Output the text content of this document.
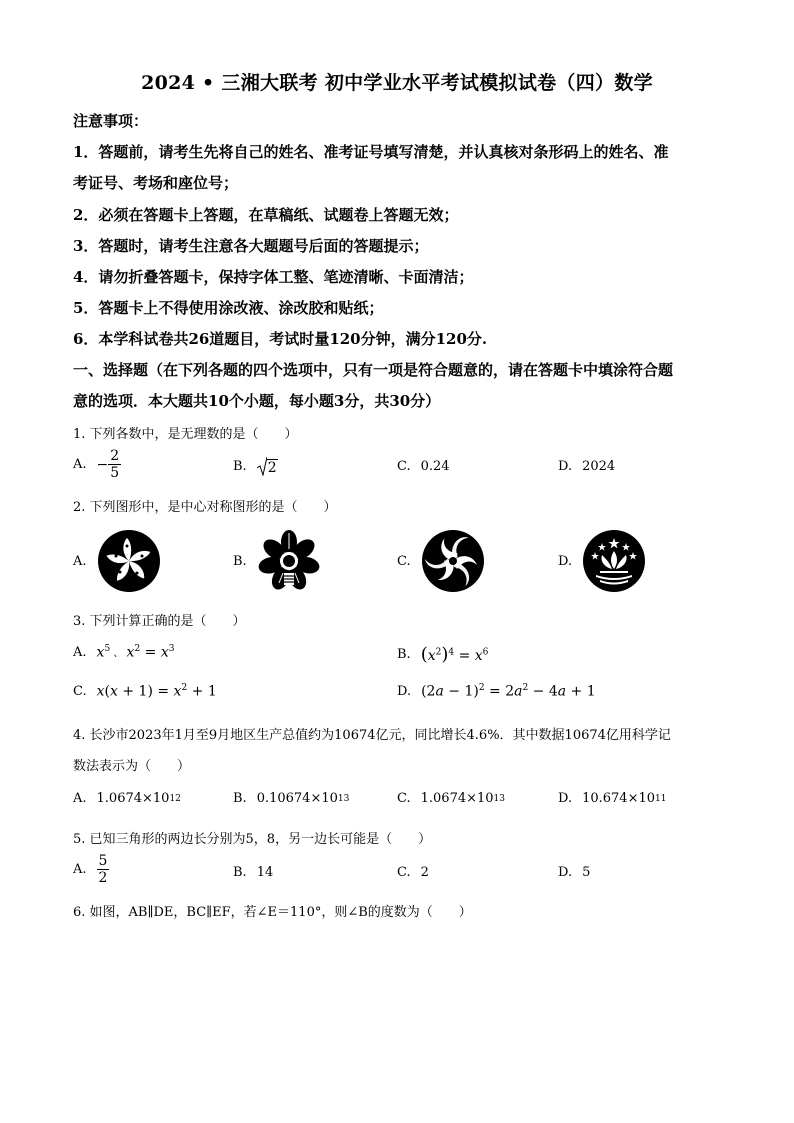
2024 • 三湘大联考 初中学业水平考试模拟试卷（四）数学
注意事项：
1．答题前，请考生先将自己的姓名、准考证号填写清楚，并认真核对条形码上的姓名、准
考证号、考场和座位号；
2．必须在答题卡上答题，在草稿纸、试题卷上答题无效；
3．答题时，请考生注意各大题题号后面的答题提示；
4．请勿折叠答题卡，保持字体工整、笔迹清晰、卡面清洁；
5．答题卡上不得使用涂改液、涂改胶和贴纸；
6．本学科试卷共26道题目，考试时量120分钟，满分120分.
一、选择题（在下列各题的四个选项中，只有一项是符合题意的，请在答题卡中填涂符合题
意的选项．本大题共10个小题，每小题3分，共30分）
1. 下列各数中，是无理数的是（　　）
A. − $\frac{2}{5}$	B. 2	C. 0.24	D. 2024
2. 下列图形中，是中心对称图形的是（　　）
A.	B.	C.	D.
3. 下列计算正确的是（　　）
A. $x^5$ 、 $x^2 = x^3$	B. $(x^2)^4 = x^6$
C. $x(x + 1) = x^2 + 1$	D. $(2a - 1)^2 = 2a^2 - 4a + 1$
4. 长沙市2023年1月至9月地区生产总值约为10674亿元，同比增长4.6%．其中数据10674亿用科学记
数法表示为（　　）
A. 1.0674×10 12	B. 0.10674×10 13	C. 1.0674×10 13	D. 10.674×10 11
5. 已知三角形的两边长分别为5，8，另一边长可能是（　　）
A. $\frac{5}{2}$	B. 14	C. 2	D. 5
6. 如图，AB∥DE，BC∥EF，若∠E＝110°，则∠B的度数为（　　）
